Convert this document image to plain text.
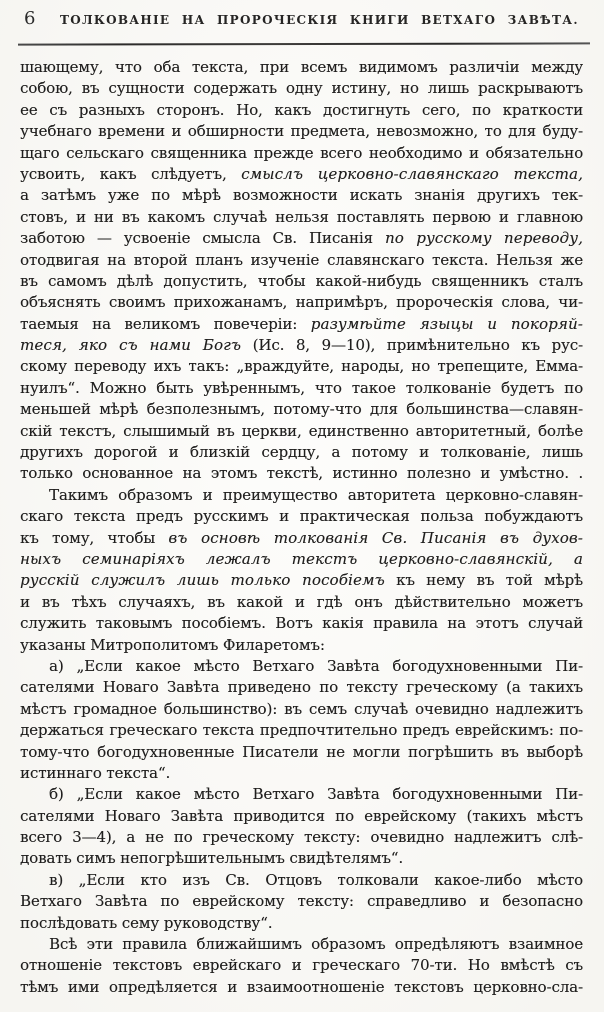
6 ТОЛКОВАНІЕ НА ПРОРОЧЕСКІЯ КНИГИ ВЕТХАГО ЗАВѢТА.
шающему, что оба текста, при всемъ видимомъ различіи между
собою, въ сущности содержать одну истину, но лишь раскрываютъ
ее съ разныхъ сторонъ. Но, какъ достигнуть сего, по краткости
учебнаго времени и обширности предмета, невозможно, то для буду-
щаго сельскаго священника прежде всего необходимо и обязательно
усвоить, какъ слѣдуетъ, смыслъ церковно-славянскаго текста,
а затѣмъ уже по мѣрѣ возможности искать знанія другихъ тек-
стовъ, и ни въ какомъ случаѣ нельзя поставлять первою и главною
заботою — усвоеніе смысла Св. Писанія по русскому переводу,
отодвигая на второй планъ изученіе славянскаго текста. Нельзя же
въ самомъ дѣлѣ допустить, чтобы какой-нибудь священникъ сталъ
объяснять своимъ прихожанамъ, напримѣръ, пророческія слова, чи-
таемыя на великомъ повечеріи: разумѣйте языцы и покоряй-
теся, яко съ нами Богъ (Ис. 8, 9—10), примѣнительно къ рус-
скому переводу ихъ такъ: „враждуйте, народы, но трепещите, Емма-
нуилъ“. Можно быть увѣреннымъ, что такое толкованіе будетъ по
меньшей мѣрѣ безполезнымъ, потому-что для большинства—славян-
скій текстъ, слышимый въ церкви, единственно авторитетный, болѣе
другихъ дорогой и близкій сердцу, а потому и толкованіе, лишь
только основанное на этомъ текстѣ, истинно полезно и умѣстно. .
Такимъ образомъ и преимущество авторитета церковно-славян-
скаго текста предъ русскимъ и практическая польза побуждаютъ
къ тому, чтобы въ основѣ толкованія Св. Писанія въ духов-
ныхъ семинаріяхъ лежалъ текстъ церковно-славянскій, а
русскій служилъ лишь только пособіемъ къ нему въ той мѣрѣ
и въ тѣхъ случаяхъ, въ какой и гдѣ онъ дѣйствительно можетъ
служить таковымъ пособіемъ. Вотъ какія правила на этотъ случай
указаны Митрополитомъ Филаретомъ:
а) „Если какое мѣсто Ветхаго Завѣта богодухновенными Пи-
сателями Новаго Завѣта приведено по тексту греческому (а такихъ
мѣстъ громадное большинство): въ семъ случаѣ очевидно надлежитъ
держаться греческаго текста предпочтительно предъ еврейскимъ: по-
тому-что богодухновенные Писатели не могли погрѣшить въ выборѣ
истиннаго текста“.
б) „Если какое мѣсто Ветхаго Завѣта богодухновенными Пи-
сателями Новаго Завѣта приводится по еврейскому (такихъ мѣстъ
всего 3—4), а не по греческому тексту: очевидно надлежитъ слѣ-
довать симъ непогрѣшительнымъ свидѣтелямъ“.
в) „Если кто изъ Св. Отцовъ толковали какое-либо мѣсто
Ветхаго Завѣта по еврейскому тексту: справедливо и безопасно
послѣдовать сему руководству“.
Всѣ эти правила ближайшимъ образомъ опредѣляютъ взаимное
отношеніе текстовъ еврейскаго и греческаго 70-ти. Но вмѣстѣ съ
тѣмъ ими опредѣляется и взаимоотношеніе текстовъ церковно-сла-
